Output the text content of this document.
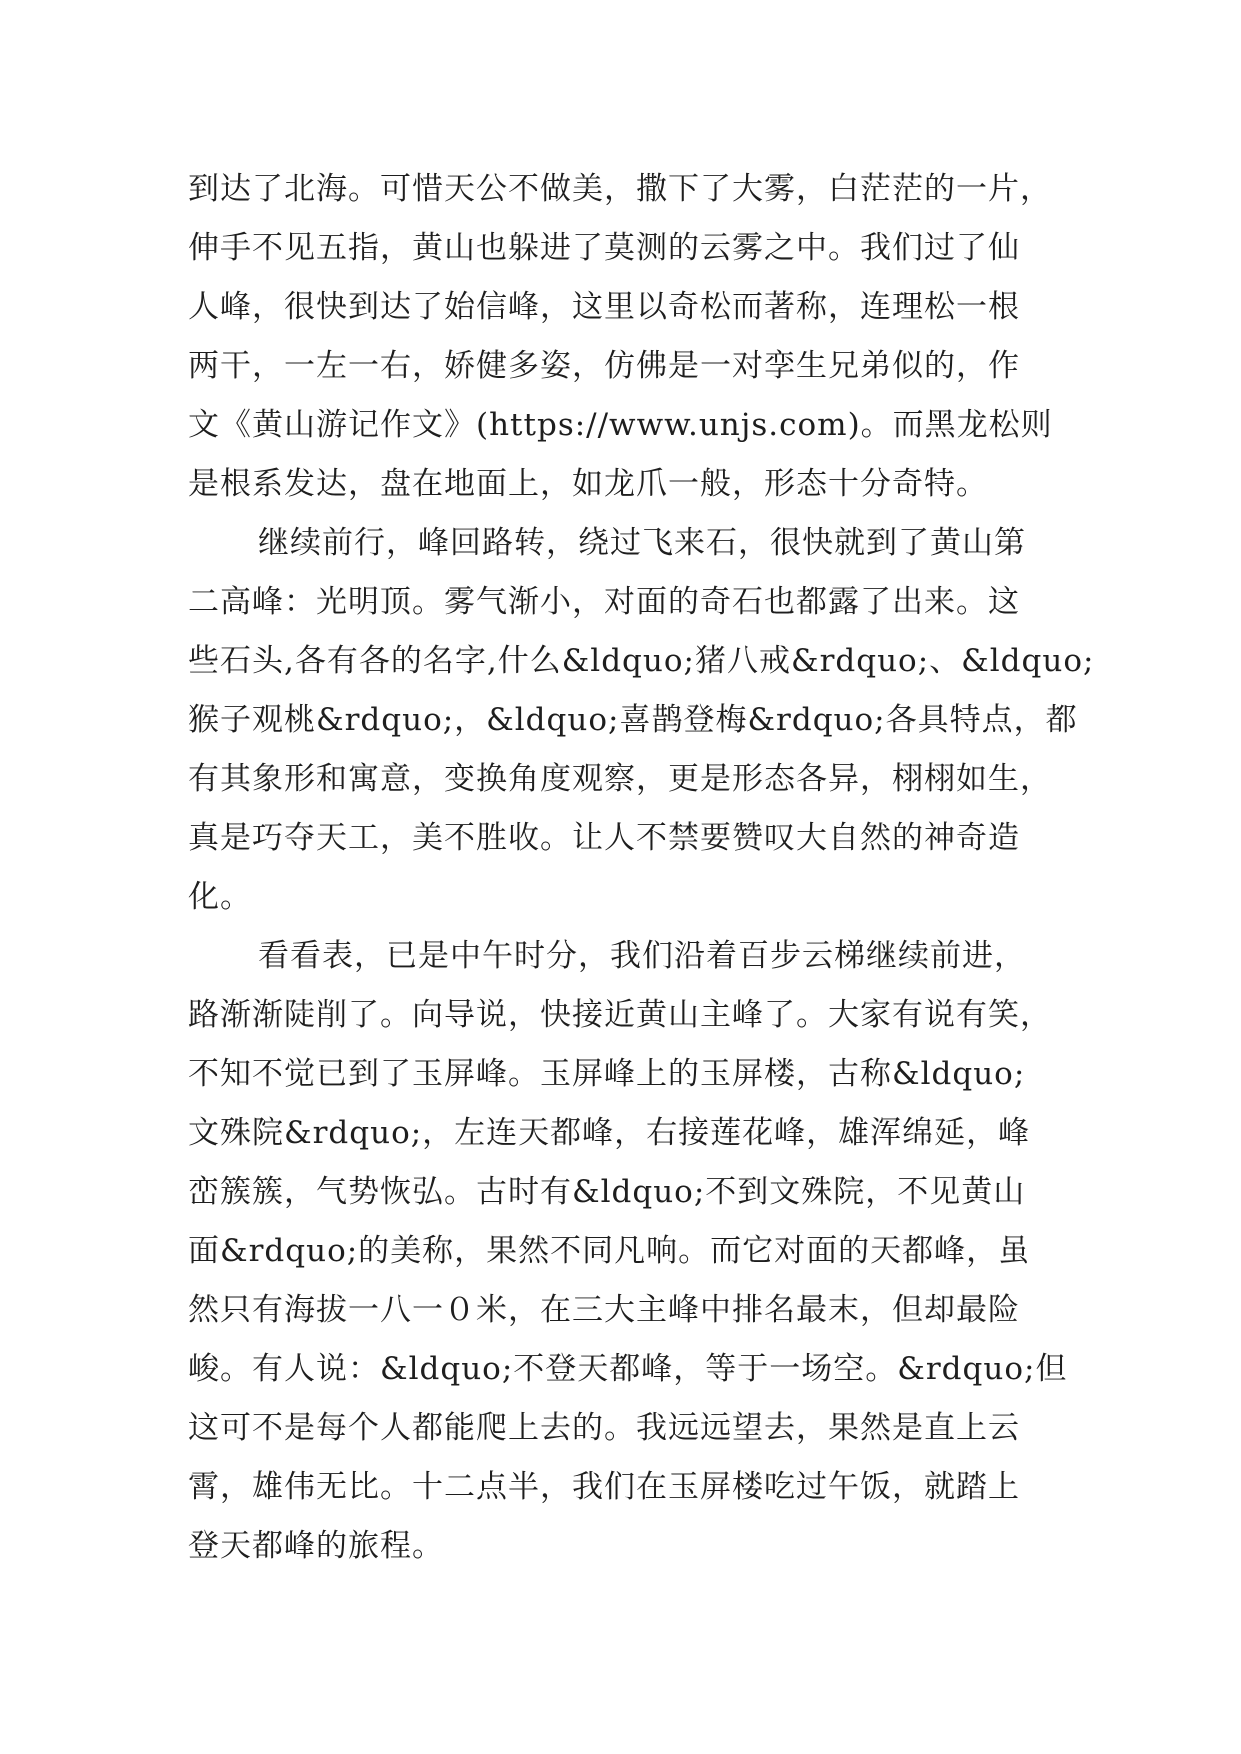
到达了北海。可惜天公不做美，撒下了大雾，白茫茫的一片，
伸手不见五指，黄山也躲进了莫测的云雾之中。我们过了仙
人峰，很快到达了始信峰，这里以奇松而著称，连理松一根
两干，一左一右，娇健多姿，仿佛是一对孪生兄弟似的，作
文《黄山游记作文》(https://www.unjs.com)。而黑龙松则
是根系发达，盘在地面上，如龙爪一般，形态十分奇特。
继续前行，峰回路转，绕过飞来石，很快就到了黄山第
二高峰：光明顶。雾气渐小，对面的奇石也都露了出来。这
些石头,各有各的名字,什么&ldquo;猪八戒&rdquo;、&ldquo;
猴子观桃&rdquo;，&ldquo;喜鹊登梅&rdquo;各具特点，都
有其象形和寓意，变换角度观察，更是形态各异，栩栩如生，
真是巧夺天工，美不胜收。让人不禁要赞叹大自然的神奇造
化。
看看表，已是中午时分，我们沿着百步云梯继续前进，
路渐渐陡削了。向导说，快接近黄山主峰了。大家有说有笑，
不知不觉已到了玉屏峰。玉屏峰上的玉屏楼，古称&ldquo;
文殊院&rdquo;，左连天都峰，右接莲花峰，雄浑绵延，峰
峦簇簇，气势恢弘。古时有&ldquo;不到文殊院，不见黄山
面&rdquo;的美称，果然不同凡响。而它对面的天都峰，虽
然只有海拔一八一０米，在三大主峰中排名最末，但却最险
峻。有人说：&ldquo;不登天都峰，等于一场空。&rdquo;但
这可不是每个人都能爬上去的。我远远望去，果然是直上云
霄，雄伟无比。十二点半，我们在玉屏楼吃过午饭，就踏上
登天都峰的旅程。
